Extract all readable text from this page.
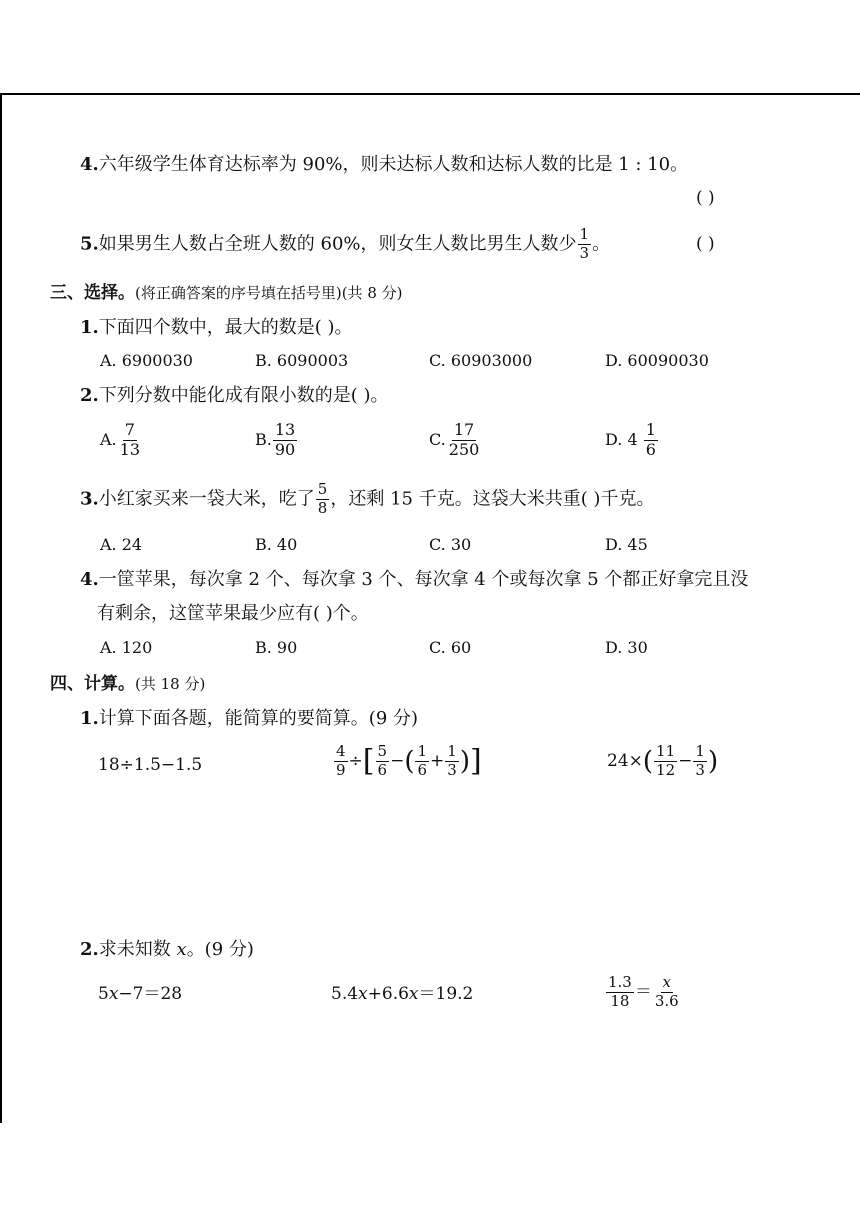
4.六年级学生体育达标率为 90%，则未达标人数和达标人数的比是 1 : 10。
( )
5.如果男生人数占全班人数的 60%，则女生人数比男生人数少 $\frac{1}{3}$ 。	( )
三、选择。(将正确答案的序号填在括号里)(共 8 分)
1.下面四个数中，最大的数是( )。
A. 6900030	B. 6090003	C. 60903000	D. 60090030
2.下列分数中能化成有限小数的是( )。
A. $\frac{7}{13}$	B. $\frac{13}{90}$	C. $\frac{17}{250}$	D. $4 \frac{1}{6}$
3.小红家买来一袋大米，吃了 $\frac{5}{8}$ ，还剩 15 千克。这袋大米共重( )千克。
A. 24	B. 40	C. 30	D. 45
4.一筐苹果，每次拿 2 个、每次拿 3 个、每次拿 4 个或每次拿 5 个都正好拿完且没
有剩余，这筐苹果最少应有( )个。
A. 120	B. 90	C. 60	D. 30
四、计算。(共 18 分)
1.计算下面各题，能简算的要简算。(9 分)
18÷1.5−1.5	$\frac{4}{9}$ ÷[ $\frac{5}{6}$ −( $\frac{1}{6} + \frac{1}{3}$ )]	$24\times( \frac{11}{12} - \frac{1}{3}$ )
2.求未知数 x。(9 分)
5x−7＝28	5.4x+6.6x＝19.2	$\frac{1.3}{18} = \frac{x}{3.6}$
